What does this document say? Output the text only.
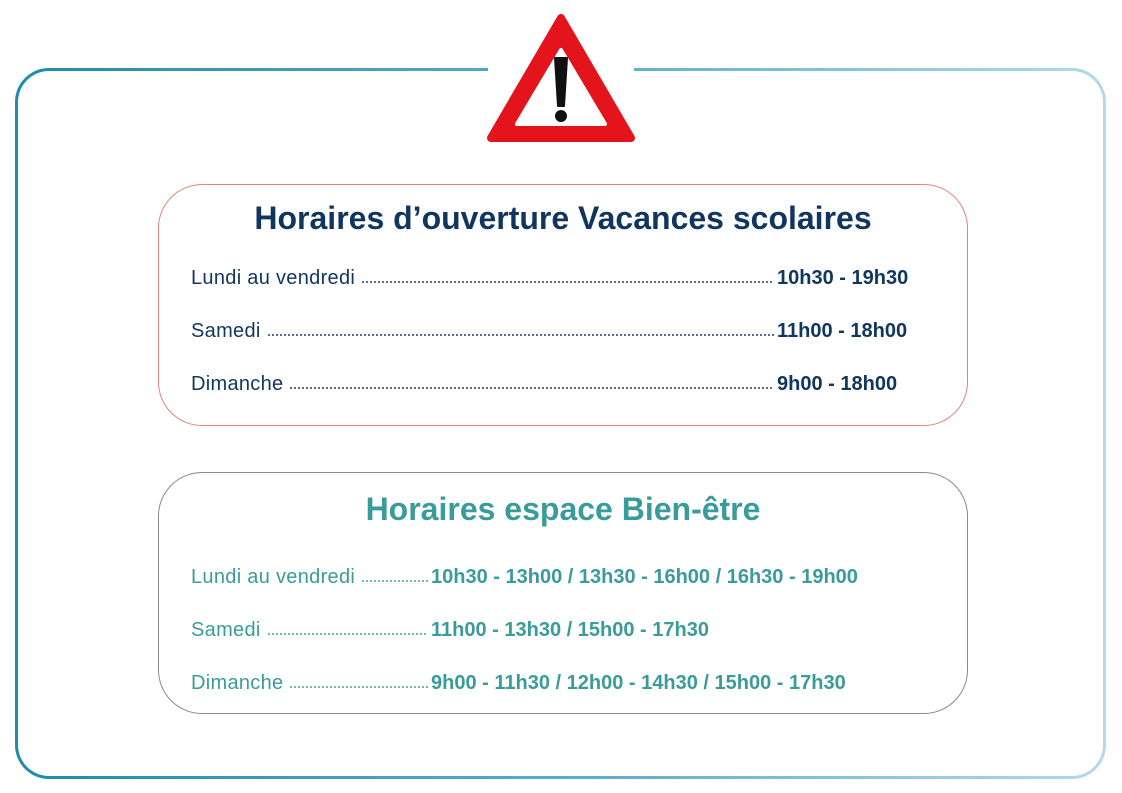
Horaires d’ouverture Vacances scolaires
Lundi au vendredi	10h30 - 19h30
Samedi	11h00 - 18h00
Dimanche	9h00 - 18h00
Horaires espace Bien-être
Lundi au vendredi	10h30 - 13h00 / 13h30 - 16h00 / 16h30 - 19h00
Samedi	11h00 - 13h30 / 15h00 - 17h30
Dimanche	9h00 - 11h30 / 12h00 - 14h30 / 15h00 - 17h30
